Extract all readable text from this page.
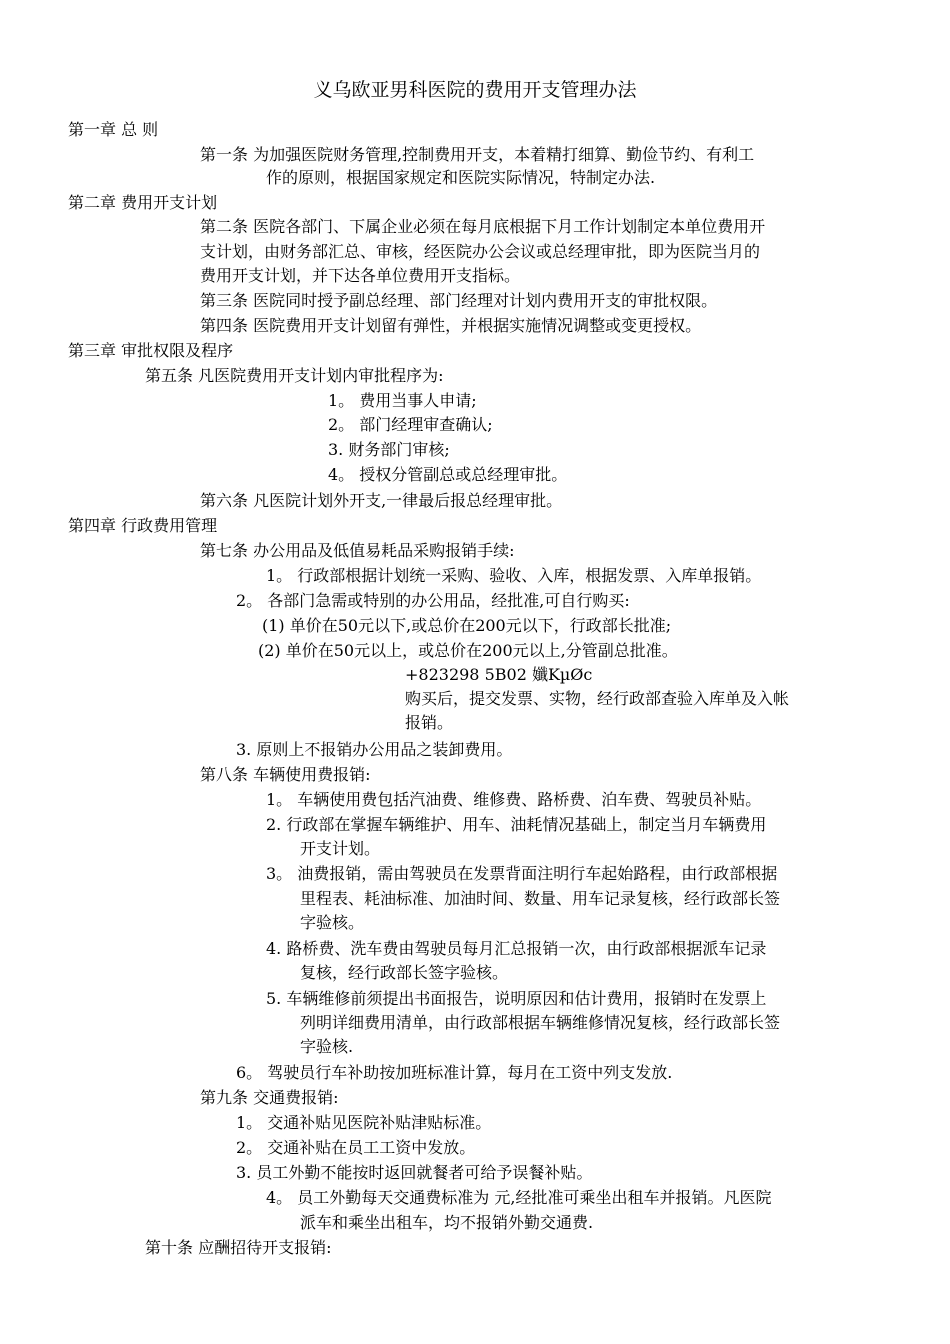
义乌欧亚男科医院的费用开支管理办法
第一章 总 则
第一条 为加强医院财务管理,控制费用开支，本着精打细算、勤俭节约、有利工
作的原则，根据国家规定和医院实际情况，特制定办法.
第二章 费用开支计划
第二条 医院各部门、下属企业必须在每月底根据下月工作计划制定本单位费用开
支计划，由财务部汇总、审核，经医院办公会议或总经理审批，即为医院当月的
费用开支计划，并下达各单位费用开支指标。
第三条 医院同时授予副总经理、部门经理对计划内费用开支的审批权限。
第四条 医院费用开支计划留有弹性，并根据实施情况调整或变更授权。
第三章 审批权限及程序
第五条 凡医院费用开支计划内审批程序为:
1。 费用当事人申请;
2。 部门经理审查确认;
3. 财务部门审核;
4。 授权分管副总或总经理审批。
第六条 凡医院计划外开支,一律最后报总经理审批。
第四章 行政费用管理
第七条 办公用品及低值易耗品采购报销手续:
1。 行政部根据计划统一采购、验收、入库，根据发票、入库单报销。
2。 各部门急需或特别的办公用品，经批准,可自行购买:
(1) 单价在50元以下,或总价在200元以下，行政部长批准;
(2) 单价在50元以上，或总价在200元以上,分管副总批准。
+823298 5B02 孅KµØc
购买后，提交发票、实物，经行政部查验入库单及入帐
报销。
3. 原则上不报销办公用品之装卸费用。
第八条 车辆使用费报销:
1。 车辆使用费包括汽油费、维修费、路桥费、泊车费、驾驶员补贴。
2. 行政部在掌握车辆维护、用车、油耗情况基础上，制定当月车辆费用
开支计划。
3。 油费报销，需由驾驶员在发票背面注明行车起始路程，由行政部根据
里程表、耗油标准、加油时间、数量、用车记录复核，经行政部长签
字验核。
4. 路桥费、洗车费由驾驶员每月汇总报销一次，由行政部根据派车记录
复核，经行政部长签字验核。
5. 车辆维修前须提出书面报告，说明原因和估计费用，报销时在发票上
列明详细费用清单，由行政部根据车辆维修情况复核，经行政部长签
字验核.
6。 驾驶员行车补助按加班标准计算，每月在工资中列支发放.
第九条 交通费报销:
1。 交通补贴见医院补贴津贴标准。
2。 交通补贴在员工工资中发放。
3. 员工外勤不能按时返回就餐者可给予误餐补贴。
4。 员工外勤每天交通费标准为 元,经批准可乘坐出租车并报销。凡医院
派车和乘坐出租车，均不报销外勤交通费.
第十条 应酬招待开支报销:
